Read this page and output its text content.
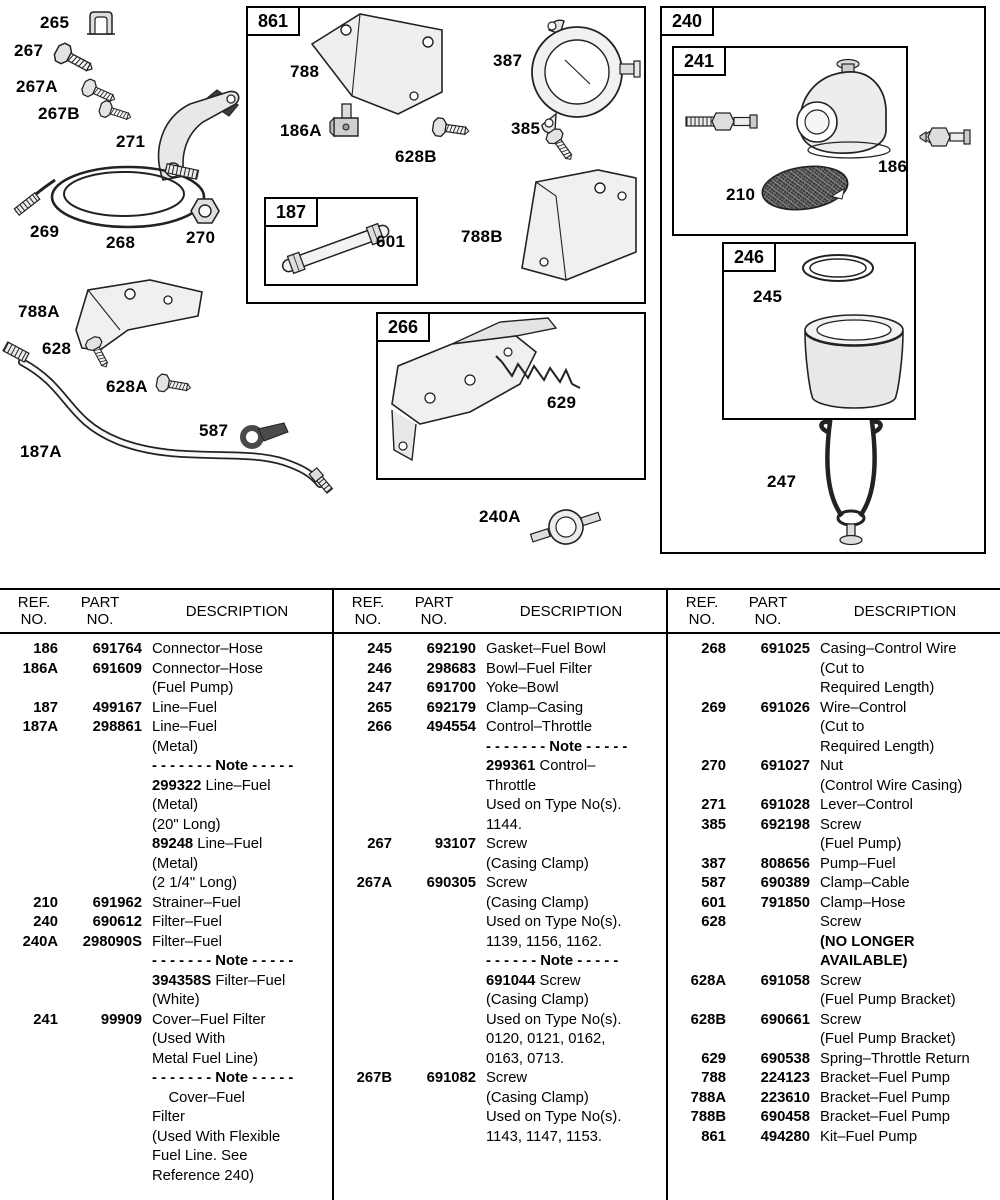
861
187
266
240
241
246
265
267
267A
267B
271
269
268	270
788
186A
628B
387
385
601	788B
788A
628
628A
587
187A
629
240A
210
186
245
247
REF.
NO.
PART
NO.	DESCRIPTION
186	691764 Connector–Hose
186A	691609 Connector–Hose
(Fuel Pump)
187	499167 Line–Fuel
187A	298861 Line–Fuel
(Metal)
- - - - - - - Note - - - - -
299322 Line–Fuel
(Metal)
(20" Long)
89248 Line–Fuel
(Metal)
(2 1/4" Long)
210	691962 Strainer–Fuel
240	690612 Filter–Fuel
240A	298090S Filter–Fuel
- - - - - - - Note - - - - -
394358S Filter–Fuel
(White)
241	99909 Cover–Fuel Filter
(Used With
Metal Fuel Line)
- - - - - - - Note - - - - -
Cover–Fuel
Filter
(Used With Flexible
Fuel Line. See
Reference 240)
REF.
NO.
PART
NO.	DESCRIPTION
245	692190 Gasket–Fuel Bowl
246	298683 Bowl–Fuel Filter
247	691700 Yoke–Bowl
265	692179 Clamp–Casing
266	494554 Control–Throttle
- - - - - - - Note - - - - -
299361 Control–
Throttle
Used on Type No(s).
1144.
267	93107 Screw
(Casing Clamp)
267A	690305 Screw
(Casing Clamp)
Used on Type No(s).
1139, 1156, 1162.
- - - - - - Note - - - - -
691044 Screw
(Casing Clamp)
Used on Type No(s).
0120, 0121, 0162,
0163, 0713.
267B	691082 Screw
(Casing Clamp)
Used on Type No(s).
1143, 1147, 1153.
REF.
NO.
PART
NO.	DESCRIPTION
268	691025 Casing–Control Wire
(Cut to
Required Length)
269	691026 Wire–Control
(Cut to
Required Length)
270	691027 Nut
(Control Wire Casing)
271	691028 Lever–Control
385	692198 Screw
(Fuel Pump)
387	808656 Pump–Fuel
587	690389 Clamp–Cable
601	791850 Clamp–Hose
628	Screw
(NO LONGER
AVAILABLE)
628A	691058 Screw
(Fuel Pump Bracket)
628B	690661 Screw
(Fuel Pump Bracket)
629	690538 Spring–Throttle Return
788	224123 Bracket–Fuel Pump
788A	223610 Bracket–Fuel Pump
788B	690458 Bracket–Fuel Pump
861	494280 Kit–Fuel Pump
